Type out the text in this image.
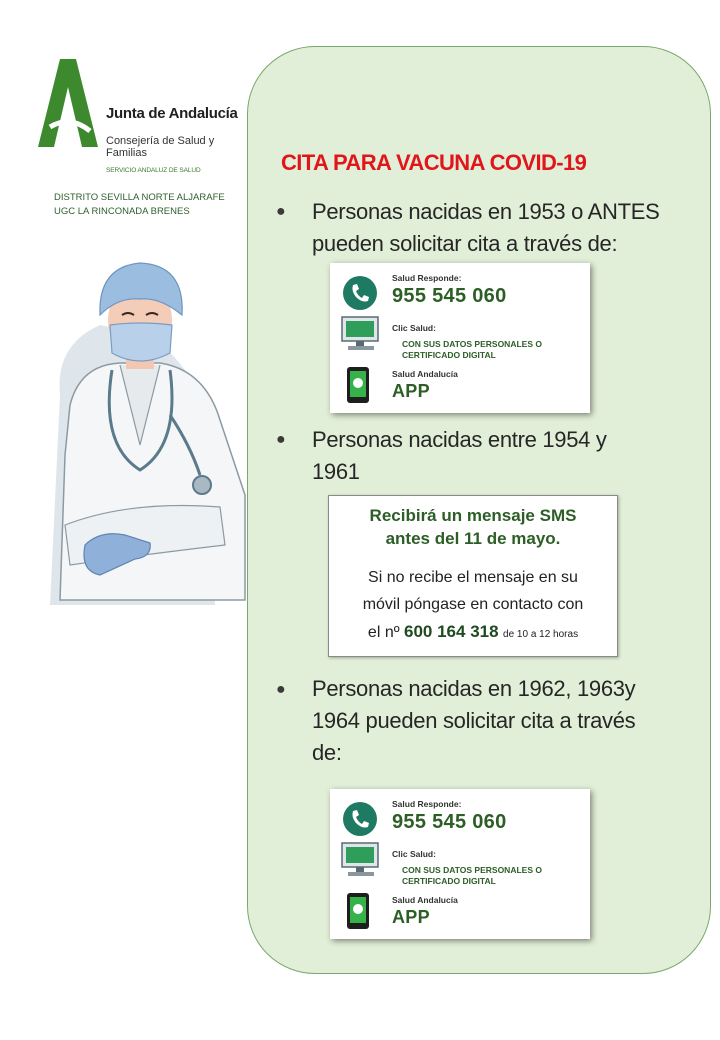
Junta de Andalucía
Consejería de Salud y Familias
SERVICIO ANDALUZ DE SALUD
DISTRITO SEVILLA NORTE ALJARAFE
UGC LA RINCONADA BRENES
CITA PARA VACUNA COVID-19
● Personas nacidas en 1953 o ANTES
pueden solicitar cita a través de:
Salud Responde:
955 545 060
Clic Salud:
CON SUS DATOS PERSONALES O
CERTIFICADO DIGITAL
Salud Andalucía
APP
● Personas nacidas entre 1954 y
1961
Recibirá un mensaje SMS
antes del 11 de mayo.
Si no recibe el mensaje en su
móvil póngase en contacto con
el nº 600 164 318 de 10 a 12 horas
● Personas nacidas en 1962, 1963y
1964 pueden solicitar cita a través
de:
Salud Responde:
955 545 060
Clic Salud:
CON SUS DATOS PERSONALES O
CERTIFICADO DIGITAL
Salud Andalucía
APP
